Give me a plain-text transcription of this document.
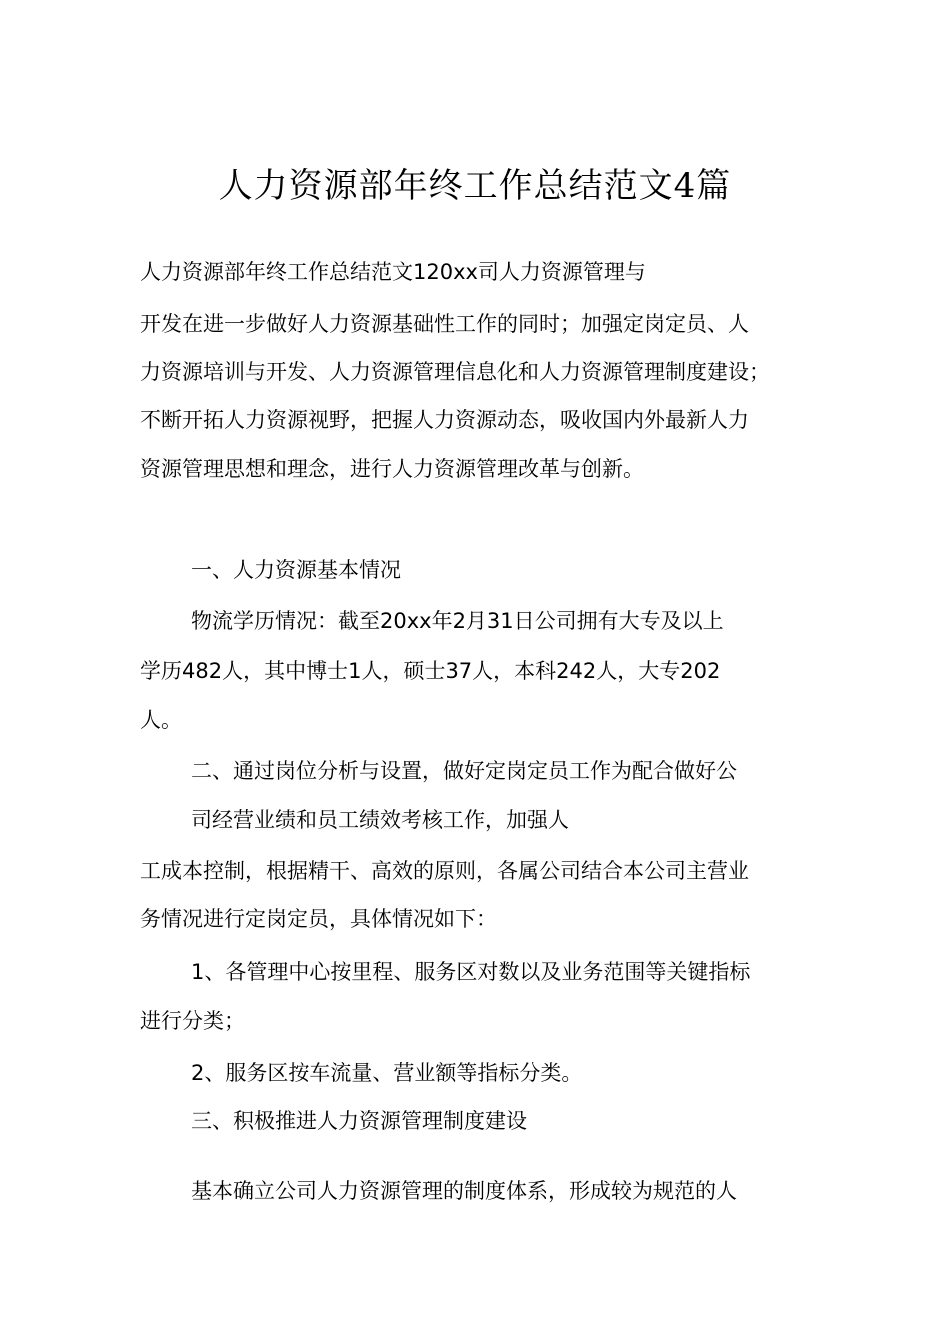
人力资源部年终工作总结范文4篇
人力资源部年终工作总结范文120xx司人力资源管理与
开发在进一步做好人力资源基础性工作的同时；加强定岗定员、人
力资源培训与开发、人力资源管理信息化和人力资源管理制度建设；
不断开拓人力资源视野，把握人力资源动态，吸收国内外最新人力
资源管理思想和理念，进行人力资源管理改革与创新。
一、人力资源基本情况
物流学历情况：截至20xx年2月31日公司拥有大专及以上
学历482人，其中博士1人，硕士37人，本科242人，大专202
人。
二、通过岗位分析与设置，做好定岗定员工作为配合做好公
司经营业绩和员工绩效考核工作，加强人
工成本控制，根据精干、高效的原则，各属公司结合本公司主营业
务情况进行定岗定员，具体情况如下：
1、各管理中心按里程、服务区对数以及业务范围等关键指标
进行分类；
2、服务区按车流量、营业额等指标分类。
三、积极推进人力资源管理制度建设
基本确立公司人力资源管理的制度体系，形成较为规范的人
